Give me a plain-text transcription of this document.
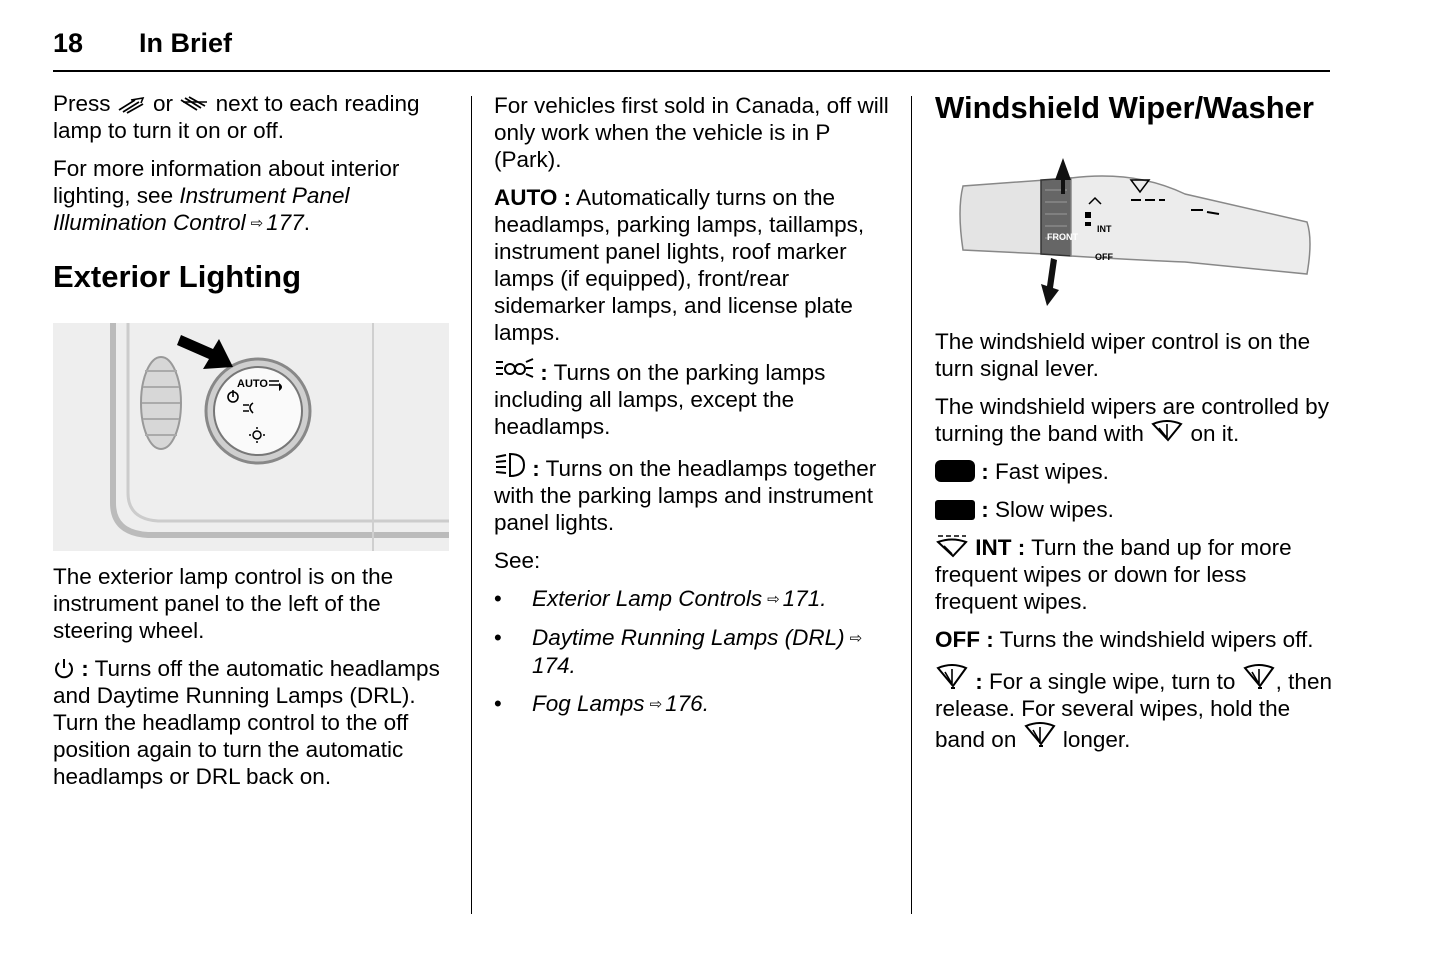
18 In Brief

Press or next to each reading lamp to turn it on or off.

For more information about interior lighting, see Instrument Panel Illumination Control ⇨ 177.

Exterior Lighting
AUTO

The exterior lamp control is on the instrument panel to the left of the steering wheel.

: Turns off the automatic headlamps and Daytime Running Lamps (DRL). Turn the headlamp control to the off position again to turn the automatic headlamps or DRL back on.

For vehicles first sold in Canada, off will only work when the vehicle is in P (Park).

AUTO : Automatically turns on the headlamps, parking lamps, taillamps, instrument panel lights, roof marker lamps (if equipped), front/rear sidemarker lamps, and license plate lamps.

: Turns on the parking lamps including all lamps, except the headlamps.

: Turns on the headlamps together with the parking lamps and instrument panel lights.

See:

• Exterior Lamp Controls ⇨ 171.
• Daytime Running Lamps (DRL) ⇨174.
• Fog Lamps ⇨ 176.
Windshield Wiper/Washer
FRONT
INT
OFF

The windshield wiper control is on the turn signal lever.

The windshield wipers are controlled by turning the band with on it.

: Fast wipes.

: Slow wipes.

INT : Turn the band up for more frequent wipes or down for less frequent wipes.

OFF : Turns the windshield wipers off.

: For a single wipe, turn to , then release. For several wipes, hold the band on longer.
